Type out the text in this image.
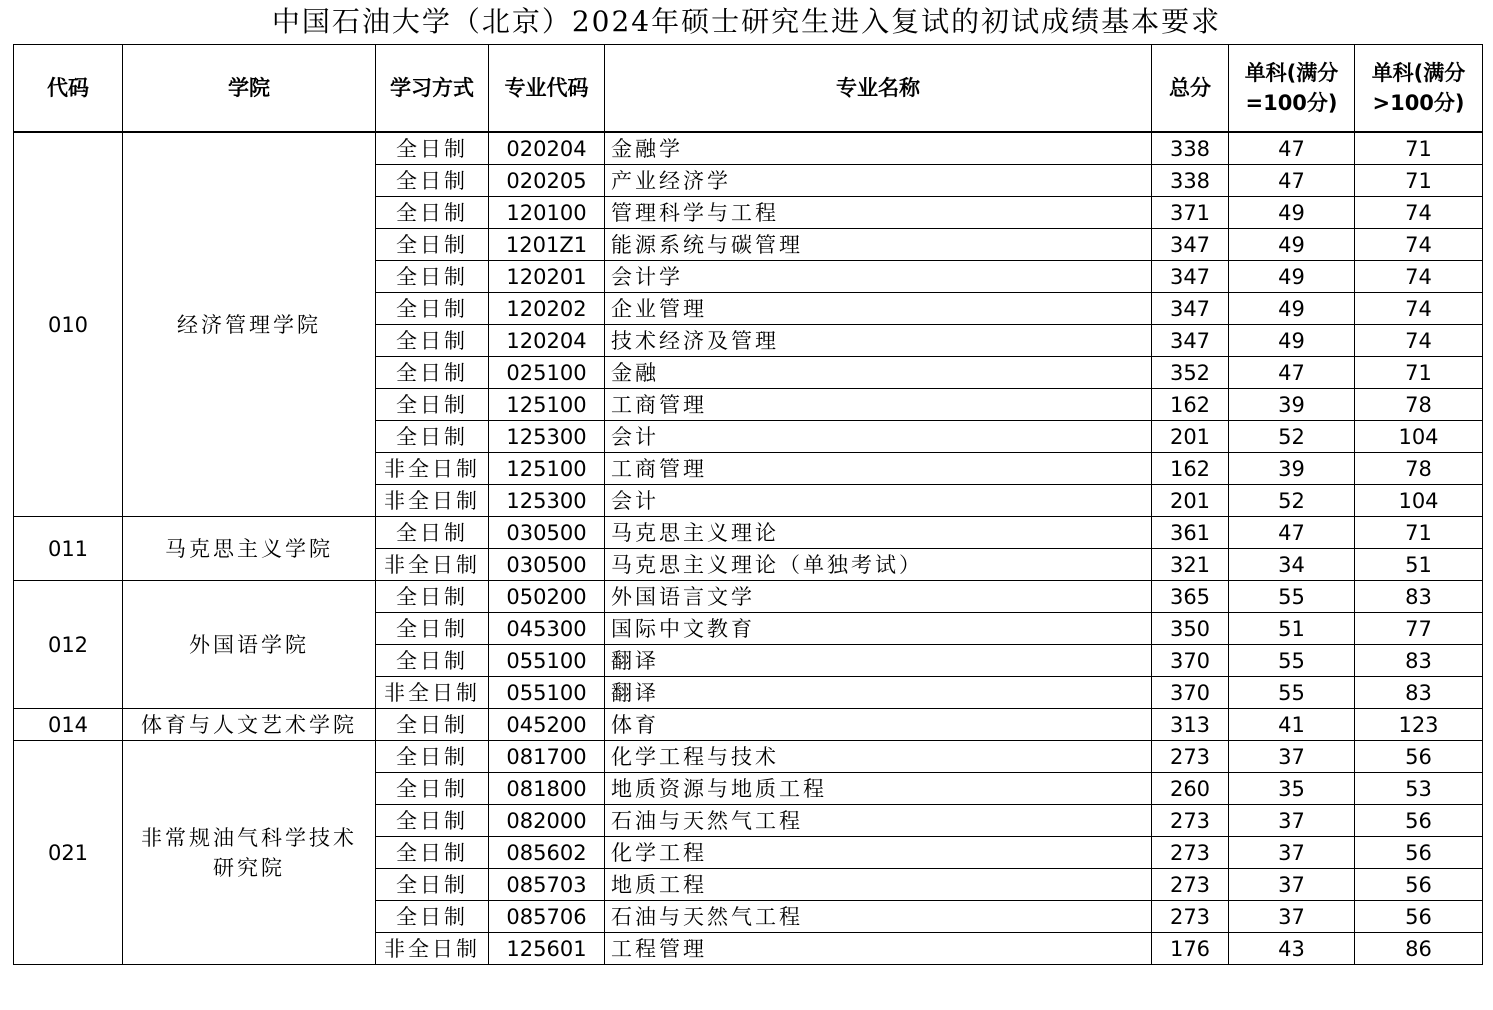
中国石油大学（北京）2024年硕士研究生进入复试的初试成绩基本要求
代码	学院	学习方式	专业代码	专业名称	总分	单科(满分=100分)	单科(满分>100分)
010	经济管理学院	全日制	020204	金融学	338	47	71
		全日制	020205	产业经济学	338	47	71
		全日制	120100	管理科学与工程	371	49	74
		全日制	1201Z1	能源系统与碳管理	347	49	74
		全日制	120201	会计学	347	49	74
		全日制	120202	企业管理	347	49	74
		全日制	120204	技术经济及管理	347	49	74
		全日制	025100	金融	352	47	71
		全日制	125100	工商管理	162	39	78
		全日制	125300	会计	201	52	104
		非全日制	125100	工商管理	162	39	78
		非全日制	125300	会计	201	52	104
011	马克思主义学院	全日制	030500	马克思主义理论	361	47	71
		非全日制	030500	马克思主义理论（单独考试）	321	34	51
012	外国语学院	全日制	050200	外国语言文学	365	55	83
		全日制	045300	国际中文教育	350	51	77
		全日制	055100	翻译	370	55	83
		非全日制	055100	翻译	370	55	83
014	体育与人文艺术学院	全日制	045200	体育	313	41	123
021	非常规油气科学技术研究院	全日制	081700	化学工程与技术	273	37	56
		全日制	081800	地质资源与地质工程	260	35	53
		全日制	082000	石油与天然气工程	273	37	56
		全日制	085602	化学工程	273	37	56
		全日制	085703	地质工程	273	37	56
		全日制	085706	石油与天然气工程	273	37	56
		非全日制	125601	工程管理	176	43	86
